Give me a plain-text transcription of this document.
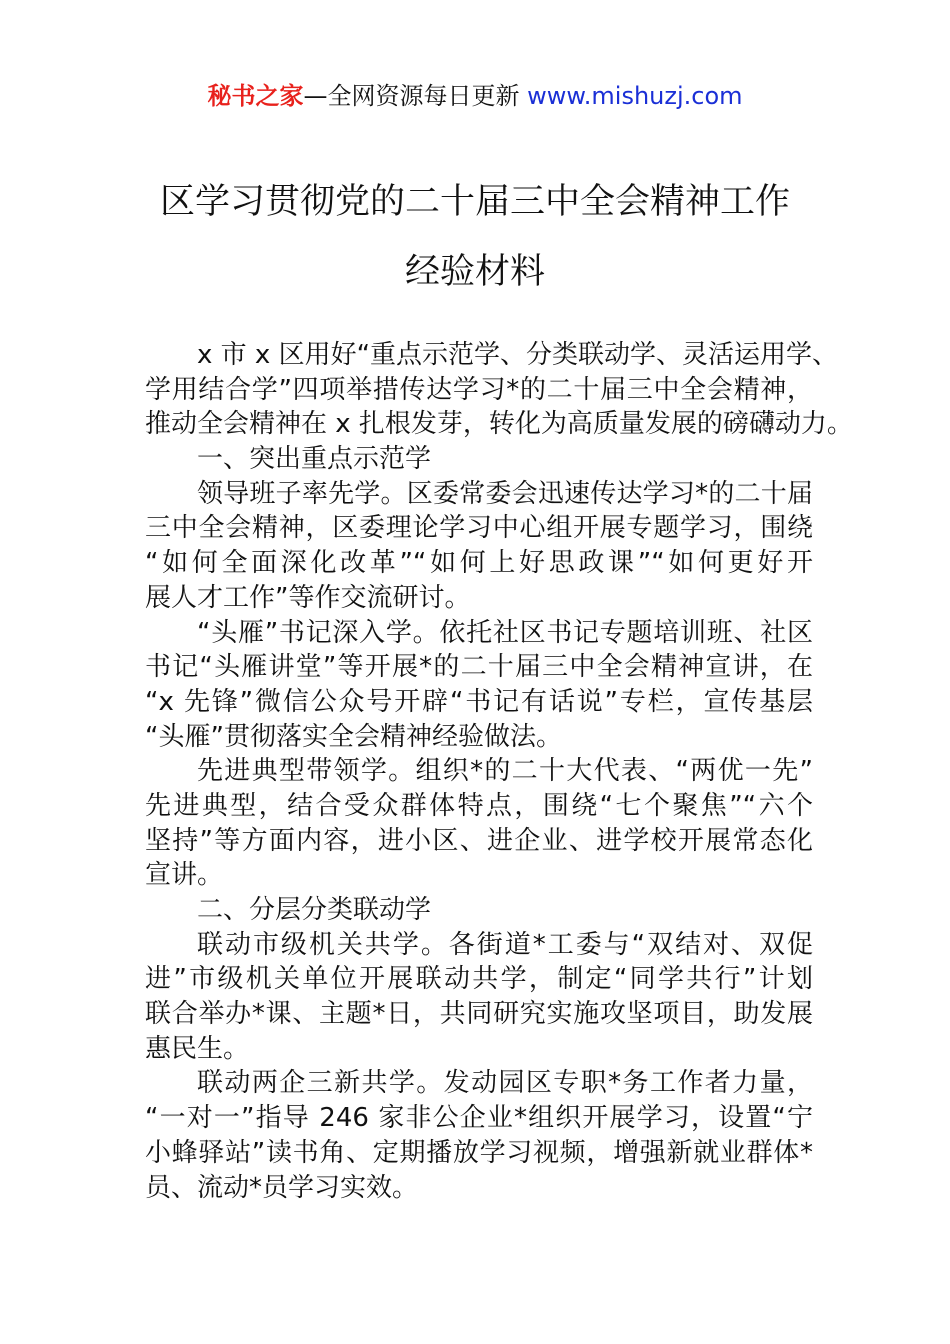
秘书之家—全网资源每日更新 www.mishuzj.com
区学习贯彻党的二十届三中全会精神工作
经验材料
x 市 x 区用好“重点示范学、分类联动学、灵活运用学、
学用结合学”四项举措传达学习*的二十届三中全会精神，
推动全会精神在 x 扎根发芽，转化为高质量发展的磅礴动力。
一、突出重点示范学
领导班子率先学。区委常委会迅速传达学习*的二十届
三中全会精神，区委理论学习中心组开展专题学习，围绕
“如何全面深化改革”“如何上好思政课”“如何更好开
展人才工作”等作交流研讨。
“头雁”书记深入学。依托社区书记专题培训班、社区
书记“头雁讲堂”等开展*的二十届三中全会精神宣讲，在
“x 先锋”微信公众号开辟“书记有话说”专栏，宣传基层
“头雁”贯彻落实全会精神经验做法。
先进典型带领学。组织*的二十大代表、“两优一先”
先进典型，结合受众群体特点，围绕“七个聚焦”“六个
坚持”等方面内容，进小区、进企业、进学校开展常态化
宣讲。
二、分层分类联动学
联动市级机关共学。各街道*工委与“双结对、双促
进”市级机关单位开展联动共学，制定“同学共行”计划
联合举办*课、主题*日，共同研究实施攻坚项目，助发展
惠民生。
联动两企三新共学。发动园区专职*务工作者力量，
“一对一”指导 246 家非公企业*组织开展学习，设置“宁
小蜂驿站”读书角、定期播放学习视频，增强新就业群体*
员、流动*员学习实效。
